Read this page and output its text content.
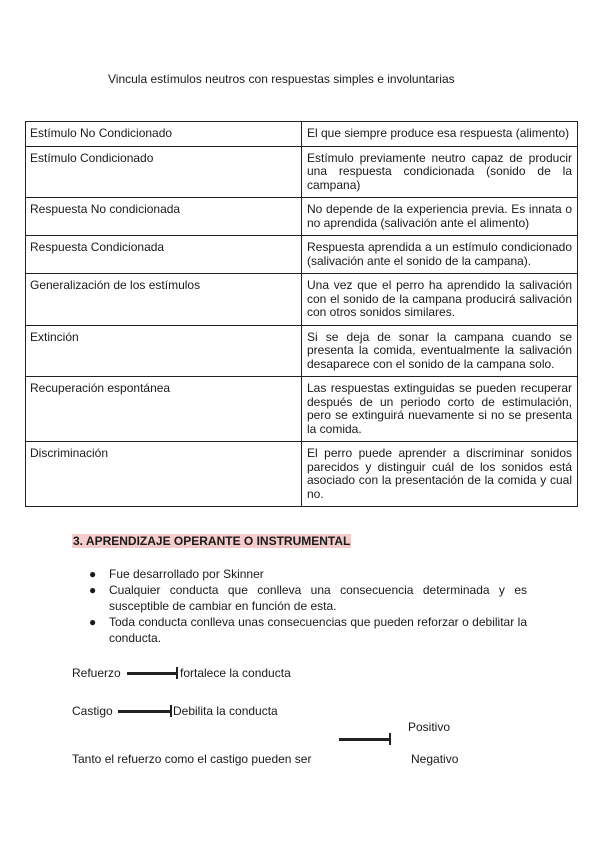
Vincula estímulos neutros con respuestas simples e involuntarias
Estímulo No Condicionado	El que siempre produce esa respuesta (alimento)
Estímulo Condicionado	Estímulo previamente neutro capaz de producir una respuesta condicionada (sonido de la campana)
Respuesta No condicionada	No depende de la experiencia previa. Es innata o no aprendida (salivación ante el alimento)
Respuesta Condicionada	Respuesta aprendida a un estímulo condicionado (salivación ante el sonido de la campana).
Generalización de los estímulos	Una vez que el perro ha aprendido la salivación con el sonido de la campana producirá salivación con otros sonidos similares.
Extinción	Si se deja de sonar la campana cuando se presenta la comida, eventualmente la salivación desaparece con el sonido de la campana solo.
Recuperación espontánea	Las respuestas extinguidas se pueden recuperar después de un periodo corto de estimulación, pero se extinguirá nuevamente si no se presenta la comida.
Discriminación	El perro puede aprender a discriminar sonidos parecidos y distinguir cuál de los sonidos está asociado con la presentación de la comida y cual no.
3. APRENDIZAJE OPERANTE O INSTRUMENTAL
● Fue desarrollado por Skinner
● Cualquier conducta que conlleva una consecuencia determinada y es susceptible de cambiar en función de esta.
● Toda conducta conlleva unas consecuencias que pueden reforzar o debilitar la conducta.
Refuerzo	fortalece la conducta
Castigo	Debilita la conducta
Positivo
Tanto el refuerzo como el castigo pueden ser	Negativo
